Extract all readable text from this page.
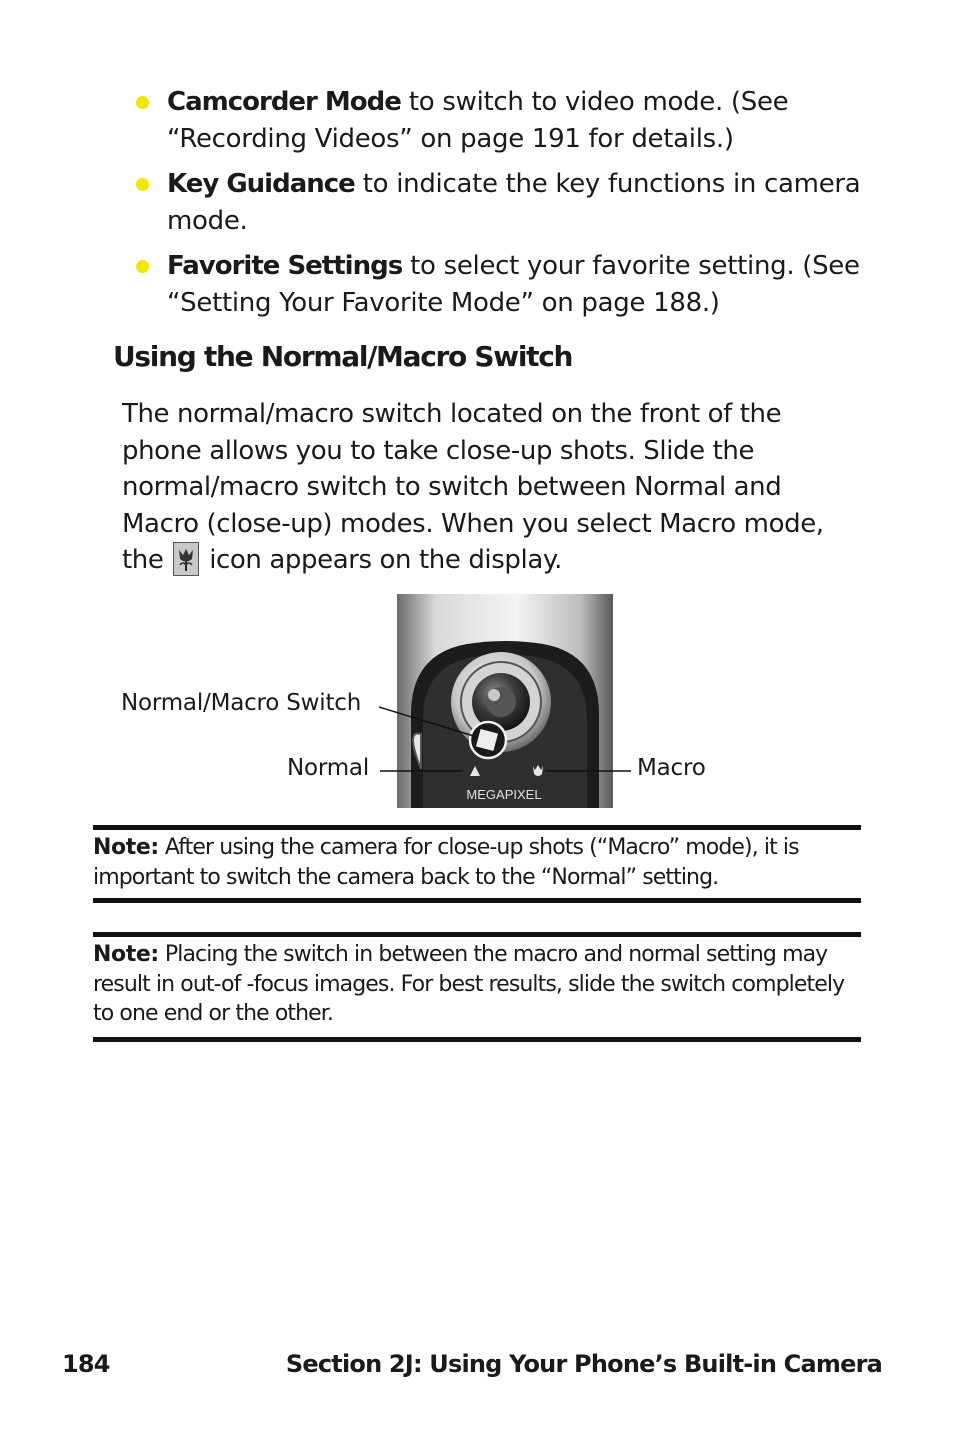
Camcorder Mode to switch to video mode. (See “Recording Videos” on page 191 for details.)
Key Guidance to indicate the key functions in camera mode.
Favorite Settings to select your favorite setting. (See “Setting Your Favorite Mode” on page 188.)
Using the Normal/Macro Switch

The normal/macro switch located on the front of the phone allows you to take close-up shots. Slide the normal/macro switch to switch between Normal and Macro (close-up) modes. When you select Macro mode, the  icon appears on the display.

MEGAPIXEL
Normal/Macro Switch
Normal	Macro
Note: After using the camera for close-up shots (“Macro” mode), it is important to switch the camera back to the “Normal” setting.
Note: Placing the switch in between the macro and normal setting may result in out-of -focus images. For best results, slide the switch completely to one end or the other.
184	Section 2J: Using Your Phone’s Built-in Camera
